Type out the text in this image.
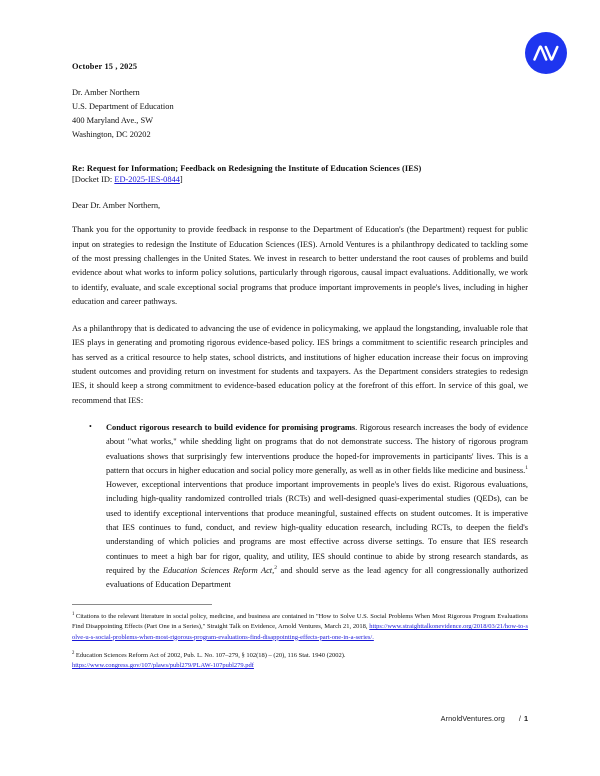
October 15 , 2025
Dr. Amber Northern
U.S. Department of Education
400 Maryland Ave., SW
Washington, DC 20202
Re: Request for Information; Feedback on Redesigning the Institute of Education Sciences (IES)
[Docket ID: ED-2025-IES-0844]
Dear Dr. Amber Northern,

Thank you for the opportunity to provide feedback in response to the Department of Education's (the Department) request for public input on strategies to redesign the Institute of Education Sciences (IES). Arnold Ventures is a philanthropy dedicated to tackling some of the most pressing challenges in the United States. We invest in research to better understand the root causes of problems and build evidence about what works to inform policy solutions, particularly through rigorous, causal impact evaluations. Additionally, we work to identify, evaluate, and scale exceptional social programs that produce important improvements in people's lives, including in higher education and career pathways.

As a philanthropy that is dedicated to advancing the use of evidence in policymaking, we applaud the longstanding, invaluable role that IES plays in generating and promoting rigorous evidence-based policy. IES brings a commitment to scientific research principles and has served as a critical resource to help states, school districts, and institutions of higher education increase their focus on improving student outcomes and providing return on investment for students and taxpayers. As the Department considers strategies to redesign IES, it should keep a strong commitment to evidence-based education policy at the forefront of this effort. In service of this goal, we recommend that IES:

• Conduct rigorous research to build evidence for promising programs. Rigorous research increases the body of evidence about "what works," while shedding light on programs that do not demonstrate success. The history of rigorous program evaluations shows that surprisingly few interventions produce the hoped-for improvements in participants' lives. This is a pattern that occurs in higher education and social policy more generally, as well as in other fields like medicine and business.$^1$ However, exceptional interventions that produce important improvements in people's lives do exist. Rigorous evaluations, including high-quality randomized controlled trials (RCTs) and well-designed quasi-experimental studies (QEDs), can be used to identify exceptional interventions that produce meaningful, sustained effects on student outcomes. It is imperative that IES continues to fund, conduct, and review high-quality education research, including RCTs, to deepen the field's understanding of which policies and programs are most effective across diverse settings. To ensure that IES research continues to meet a high bar for rigor, quality, and utility, IES should continue to abide by strong research standards, as required by the Education Sciences Reform Act,$^2$ and should serve as the lead agency for all congressionally authorized evaluations of Education Department
$^1$ Citations to the relevant literature in social policy, medicine, and business are contained in "How to Solve U.S. Social Problems When Most Rigorous Program Evaluations Find Disappointing Effects (Part One in a Series)," Straight Talk on Evidence, Arnold Ventures, March 21, 2018, https://www.straighttalkonevidence.org/2018/03/21/how-to-solve-u-s-social-problems-when-most-rigorous-program-evaluations-find-disappointing-effects-part-one-in-a-series/.
$^2$ Education Sciences Reform Act of 2002, Pub. L. No. 107–279, § 102(18) – (20), 116 Stat. 1940 (2002).
https://www.congress.gov/107/plaws/publ279/PLAW-107publ279.pdf
ArnoldVentures.org / 1
